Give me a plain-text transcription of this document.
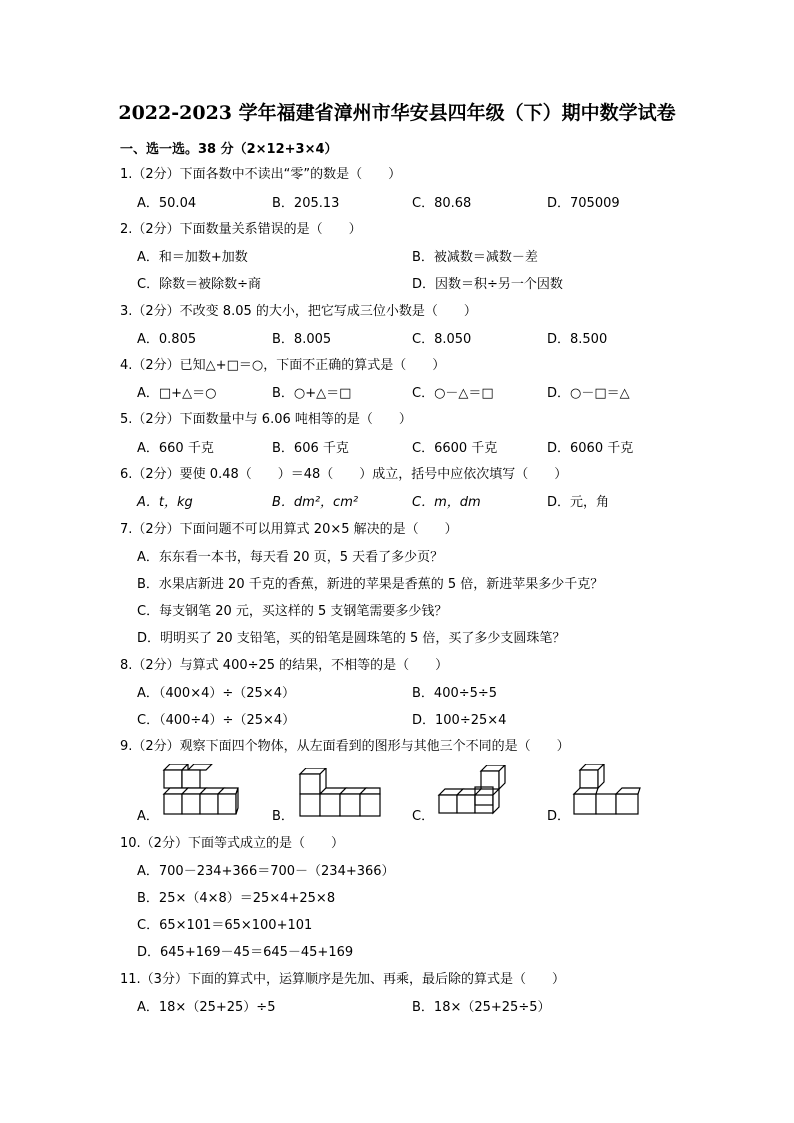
2022-2023 学年福建省漳州市华安县四年级（下）期中数学试卷
一、选一选。38 分（2×12+3×4）
1.（2分）下面各数中不读出“零”的数是（　　）
A．50.04	B．205.13	C．80.68	D．705009
2.（2分）下面数量关系错误的是（　　）
A．和＝加数+加数	B．被减数＝减数－差
C．除数＝被除数÷商	D．因数＝积÷另一个因数
3.（2分）不改变 8.05 的大小，把它写成三位小数是（　　）
A．0.805	B．8.005	C．8.050	D．8.500
4.（2分）已知△+□＝○，下面不正确的算式是（　　）
A．□+△＝○	B．○+△＝□	C．○－△＝□	D．○－□＝△
5.（2分）下面数量中与 6.06 吨相等的是（　　）
A．660 千克	B．606 千克	C．6600 千克	D．6060 千克
6.（2分）要使 0.48（　　）＝48（　　）成立，括号中应依次填写（　　）
A．t，kg	B．dm²，cm²	C．m，dm	D．元，角
7.（2分）下面问题不可以用算式 20×5 解决的是（　　）
A．东东看一本书，每天看 20 页，5 天看了多少页？
B．水果店新进 20 千克的香蕉，新进的苹果是香蕉的 5 倍，新进苹果多少千克？
C．每支钢笔 20 元，买这样的 5 支钢笔需要多少钱？
D．明明买了 20 支铅笔，买的铅笔是圆珠笔的 5 倍，买了多少支圆珠笔？
8.（2分）与算式 400÷25 的结果，不相等的是（　　）
A．（400×4）÷（25×4）	B．400÷5÷5
C．（400÷4）÷（25×4）	D．100÷25×4
9.（2分）观察下面四个物体，从左面看到的图形与其他三个不同的是（　　）
A．	B．	C．	D．
10.（2分）下面等式成立的是（　　）
A．700－234+366＝700－（234+366）
B．25×（4×8）＝25×4+25×8
C．65×101＝65×100+101
D．645+169－45＝645－45+169
11.（3分）下面的算式中，运算顺序是先加、再乘，最后除的算式是（　　）
A．18×（25+25）÷5	B．18×（25+25÷5）
